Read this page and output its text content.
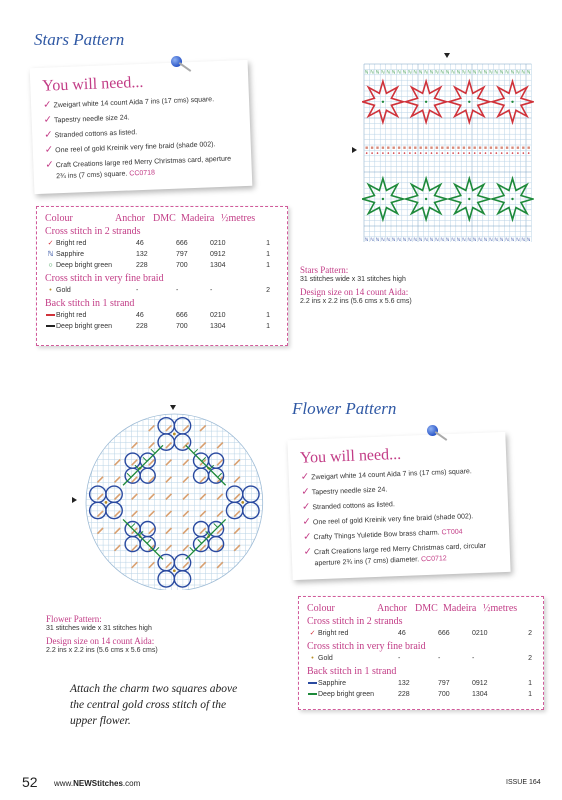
Stars Pattern
You will need...
✓ Zweigart white 14 count Aida 7 ins (17 cms) square.
✓ Tapestry needle size 24.
✓ Stranded cottons as listed.
✓ One reel of gold Kreinik very fine braid (shade 002).
✓ Craft Creations large red Merry Christmas card, aperture 2¾ ins (7 cms) square. CC0718
Colour	Anchor DMC Madeira ½metres
Cross stitch in 2 strands
✓ Bright red	46	666	0210	1
ℕ Sapphire	132	797	0912	1
○ Deep bright green	228	700	1304	1
Cross stitch in very fine braid
• Gold	-	-	-	2
Back stitch in 1 strand
Bright red	46	666	0210	1
Deep bright green	228	700	1304	1
ℕ
ℕ
ℕ
ℕ
ℕ
ℕ
ℕ
ℕ
ℕ
ℕ
ℕ
ℕ
ℕ
ℕ
ℕ
ℕ
ℕ
ℕ
ℕ
ℕ
ℕ
ℕ
ℕ
ℕ
ℕ
ℕ
ℕ
ℕ
ℕ
ℕ
ℕ
ℕ
ℕ
ℕ
ℕ
ℕ
ℕ
ℕ
ℕ
ℕ
ℕ
ℕ
ℕ
ℕ
ℕ
ℕ
ℕ
ℕ
ℕ
ℕ
ℕ
ℕ
ℕ
ℕ
ℕ
ℕ
ℕ
ℕ
ℕ
ℕ
ℕ
ℕ
Stars Pattern:
31 stitches wide x 31 stitches high
Design size on 14 count Aida:
2.2 ins x 2.2 ins (5.6 cms x 5.6 cms)
Flower Pattern
You will need...
✓ Zweigart white 14 count Aida 7 ins (17 cms) square.
✓ Tapestry needle size 24.
✓ Stranded cottons as listed.
✓ One reel of gold Kreinik very fine braid (shade 002).
✓ Crafty Things Yuletide Bow brass charm. CT004
✓ Craft Creations large red Merry Christmas card, circular aperture 2¾ ins (7 cms) diameter. CC0712
Colour	Anchor DMC Madeira ½metres
Cross stitch in 2 strands
✓ Bright red	46	666	0210	2
Cross stitch in very fine braid
• Gold	-	-	-	2
Back stitch in 1 strand
Sapphire	132	797	0912	1
Deep bright green	228	700	1304	1
Flower Pattern:
31 stitches wide x 31 stitches high
Design size on 14 count Aida:
2.2 ins x 2.2 ins (5.6 cms x 5.6 cms)
Attach the charm two squares above the central gold cross stitch of the upper flower.
52 www.NEWStitches.com	ISSUE 164
